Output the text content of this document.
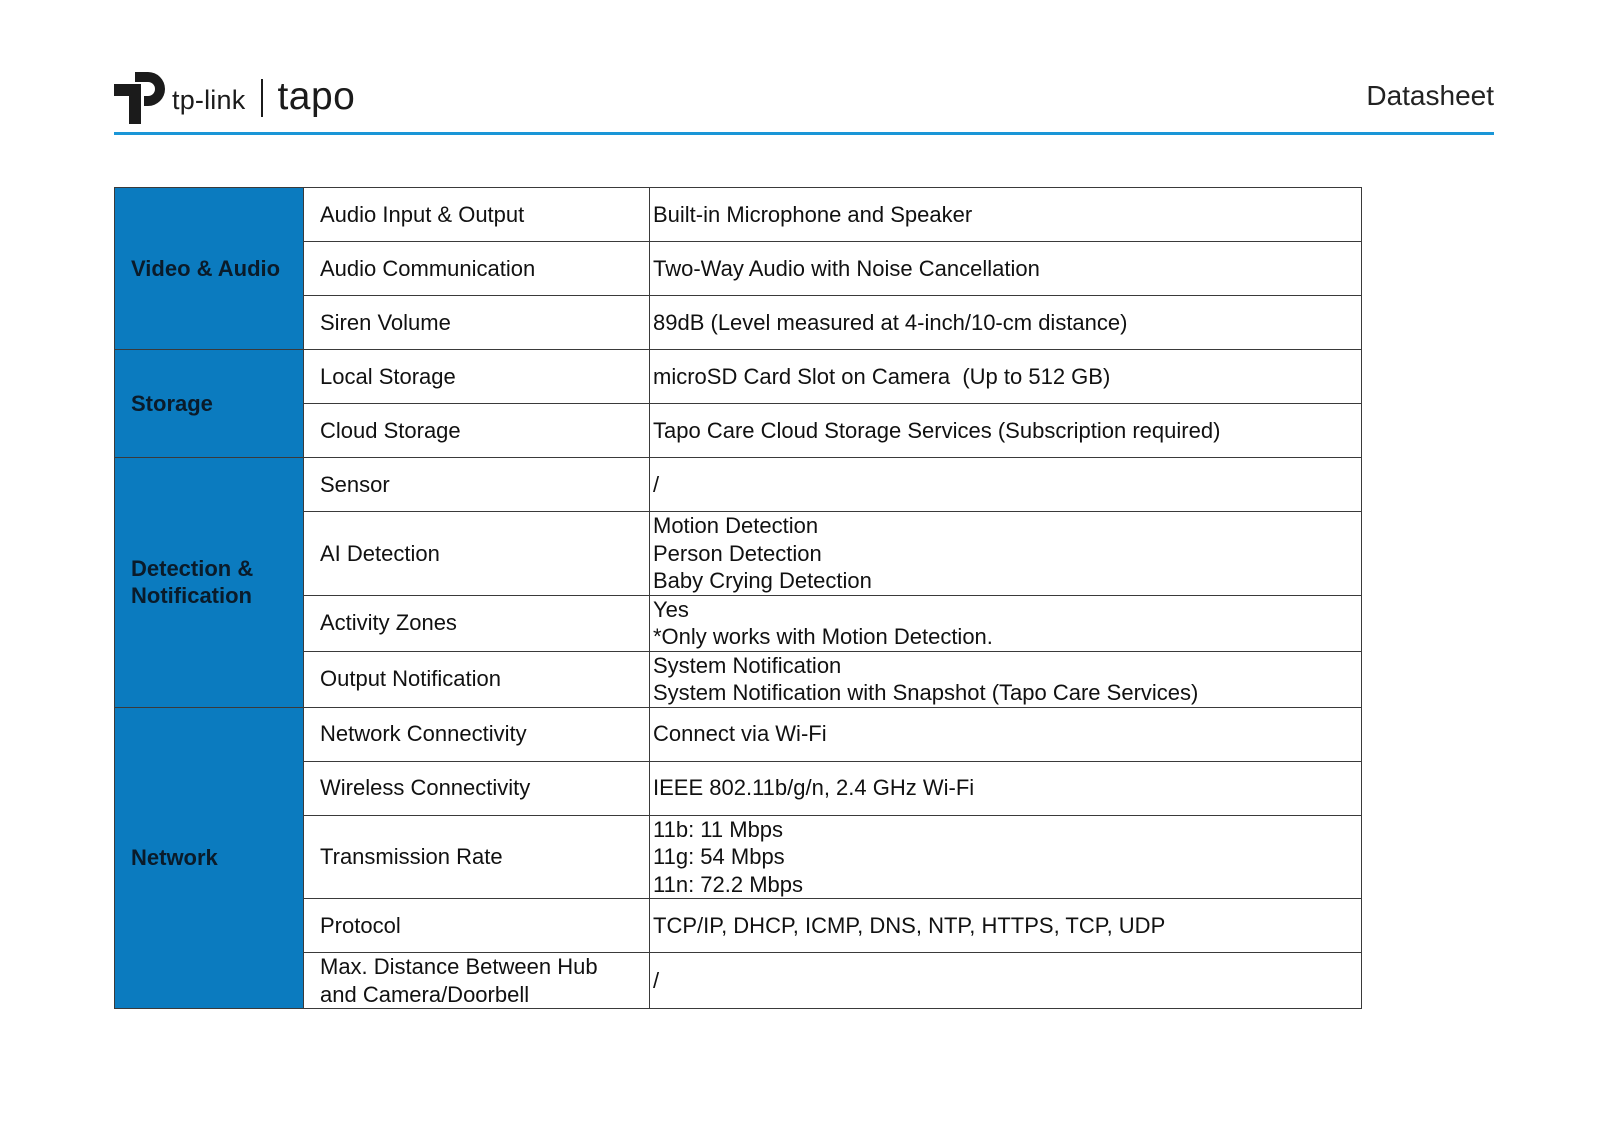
tp-link tapo	Datasheet
Video & Audio	Audio Input & Output	Built-in Microphone and Speaker

	Audio Communication	Two-Way Audio with Noise Cancellation

	Siren Volume	89dB (Level measured at 4-inch/10-cm distance)

Storage	Local Storage	microSD Card Slot on Camera  (Up to 512 GB)

	Cloud Storage	Tapo Care Cloud Storage Services (Subscription required)

Detection & Notification	Sensor	/

	AI Detection	Motion Detection
Person Detection
Baby Crying Detection

	Activity Zones	Yes
*Only works with Motion Detection.

	Output Notification	System Notification
System Notification with Snapshot (Tapo Care Services)

Network	Network Connectivity	Connect via Wi-Fi

	Wireless Connectivity	IEEE 802.11b/g/n, 2.4 GHz Wi-Fi

	Transmission Rate	11b: 11 Mbps
11g: 54 Mbps
11n: 72.2 Mbps

	Protocol	TCP/IP, DHCP, ICMP, DNS, NTP, HTTPS, TCP, UDP

	Max. Distance Between Hub and Camera/Doorbell	/
